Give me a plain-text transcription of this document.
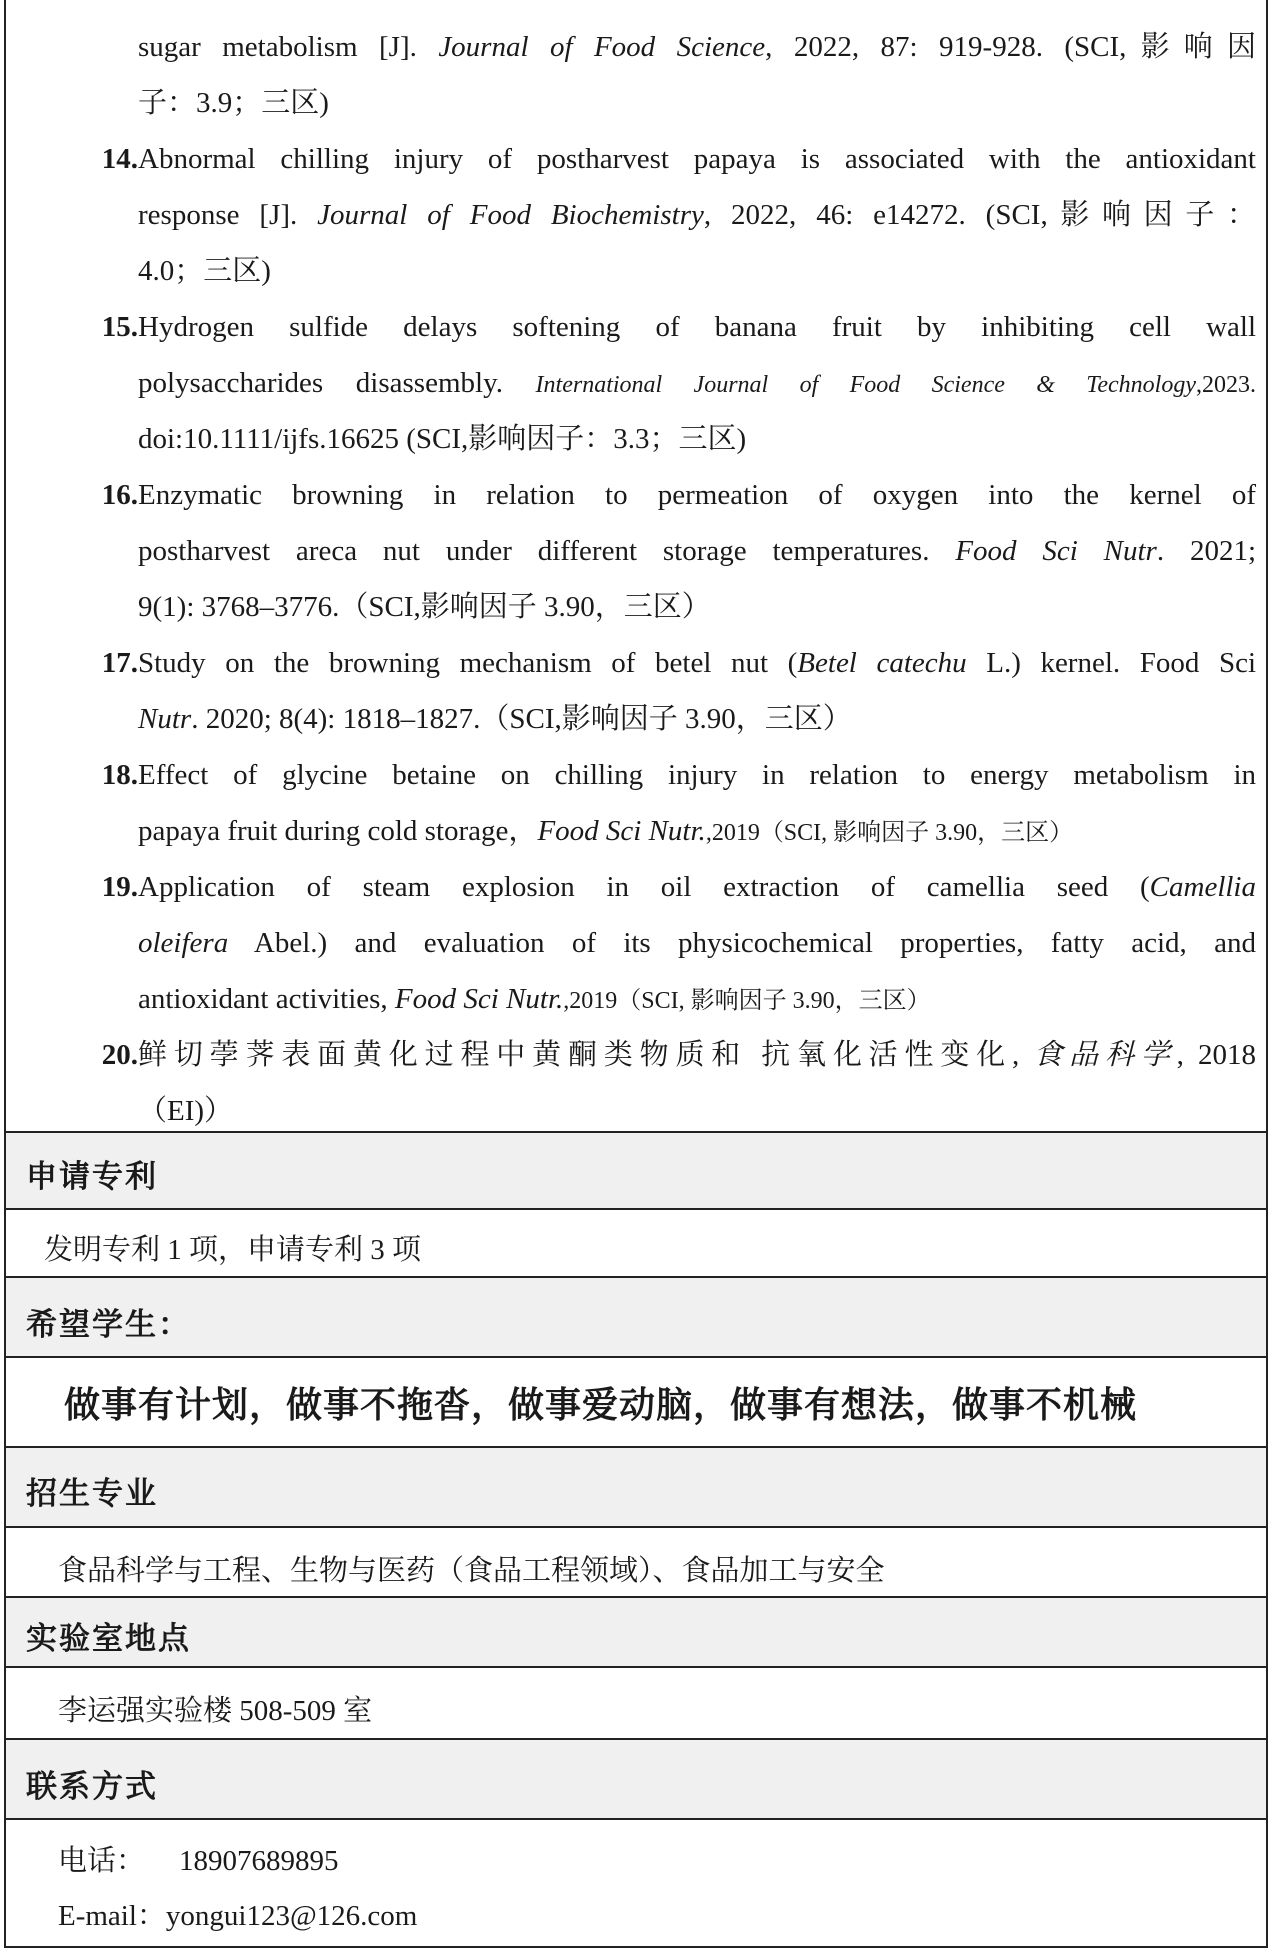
sugar metabolism [J]. Journal of Food Science, 2022, 87: 919-928. (SCI,影响因
子：3.9；三区)
14. Abnormal chilling injury of postharvest papaya is associated with the antioxidant
response [J]. Journal of Food Biochemistry, 2022, 46: e14272. (SCI,影响因子：
4.0；三区)
15. Hydrogen sulfide delays softening of banana fruit by inhibiting cell wall
polysaccharides disassembly. International Journal of Food Science & Technology,2023.
doi:10.1111/ijfs.16625 (SCI,影响因子：3.3；三区)
16. Enzymatic browning in relation to permeation of oxygen into the kernel of
postharvest areca nut under different storage temperatures. Food Sci Nutr. 2021;
9(1): 3768–3776.（SCI,影响因子 3.90，三区）
17. Study on the browning mechanism of betel nut (Betel catechu L.) kernel. Food Sci
Nutr. 2020; 8(4): 1818–1827.（SCI,影响因子 3.90，三区）
18. Effect of glycine betaine on chilling injury in relation to energy metabolism in
papaya fruit during cold storage，Food Sci Nutr.,2019（SCI, 影响因子 3.90，三区）
19. Application of steam explosion in oil extraction of camellia seed (Camellia
oleifera Abel.) and evaluation of its physicochemical properties, fatty acid, and
antioxidant activities, Food Sci Nutr.,2019（SCI, 影响因子 3.90，三区）
20. 鲜切荸荠表面黄化过程中黄酮类物质和 抗氧化活性变化, 食品科学, 2018
（EI)）
申请专利
发明专利 1 项，申请专利 3 项
希望学生：
做事有计划，做事不拖沓，做事爱动脑，做事有想法，做事不机械
招生专业
食品科学与工程、生物与医药（食品工程领域）、食品加工与安全
实验室地点
李运强实验楼 508-509 室
联系方式
电话： 18907689895
E-mail：yongui123@126.com
